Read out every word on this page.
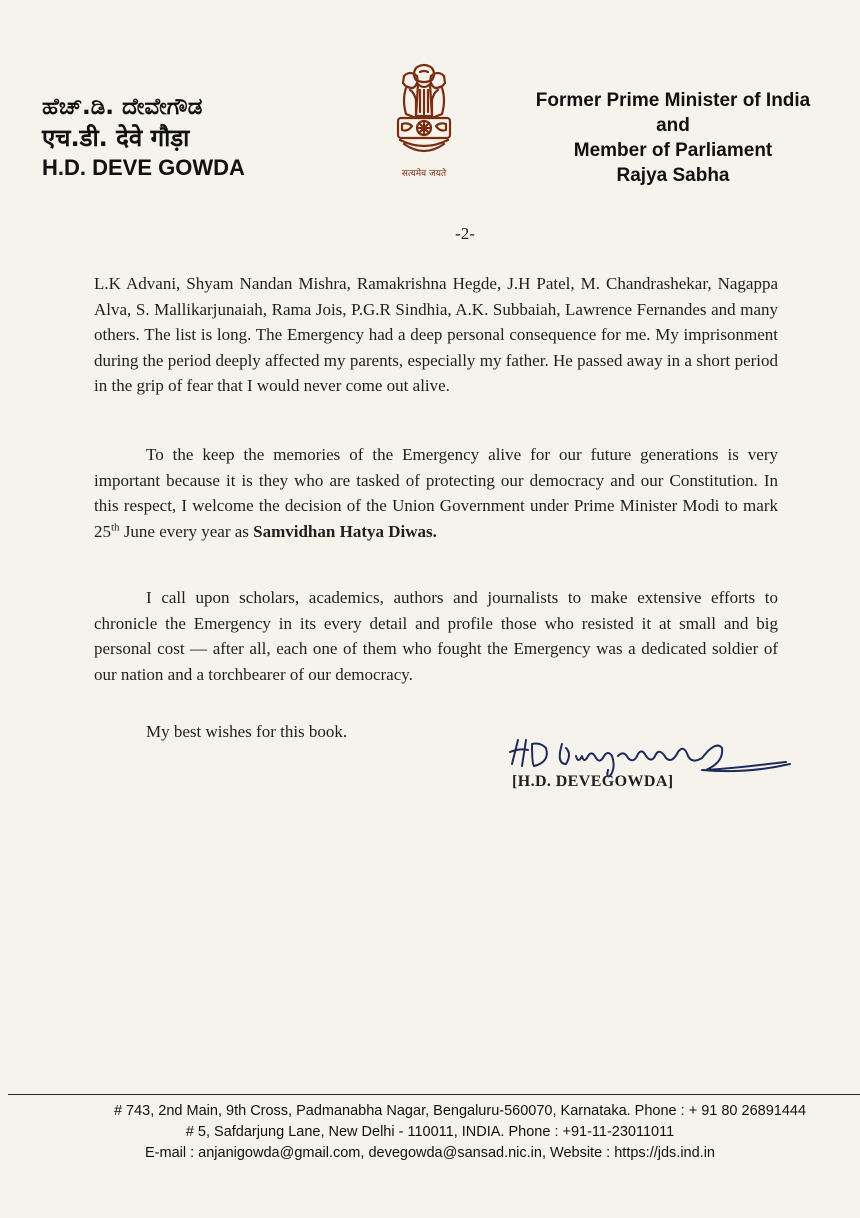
ಹೆಚ್.ಡಿ. ದೇವೇಗೌಡ
एच.डी. देवे गौड़ा
H.D. DEVE GOWDA	सत्यमेव जयते
Former Prime Minister of India
and
Member of Parliament
Rajya Sabha
-2-

L.K Advani, Shyam Nandan Mishra, Ramakrishna Hegde, J.H Patel, M. Chandrashekar, Nagappa Alva, S. Mallikarjunaiah, Rama Jois, P.G.R Sindhia, A.K. Subbaiah, Lawrence Fernandes and many others. The list is long. The Emergency had a deep personal consequence for me. My imprisonment during the period deeply affected my parents, especially my father. He passed away in a short period in the grip of fear that I would never come out alive.

To the keep the memories of the Emergency alive for our future generations is very important because it is they who are tasked of protecting our democracy and our Constitution. In this respect, I welcome the decision of the Union Government under Prime Minister Modi to mark 25th June every year as Samvidhan Hatya Diwas.

I call upon scholars, academics, authors and journalists to make extensive efforts to chronicle the Emergency in its every detail and profile those who resisted it at small and big personal cost — after all, each one of them who fought the Emergency was a dedicated soldier of our nation and a torchbearer of our democracy.

My best wishes for this book.
[H.D. DEVEGOWDA]
# 743, 2nd Main, 9th Cross, Padmanabha Nagar, Bengaluru-560070, Karnataka. Phone : + 91 80 26891444
# 5, Safdarjung Lane, New Delhi - 110011, INDIA. Phone : +91-11-23011011
E-mail : anjanigowda@gmail.com, devegowda@sansad.nic.in, Website : https://jds.ind.in
